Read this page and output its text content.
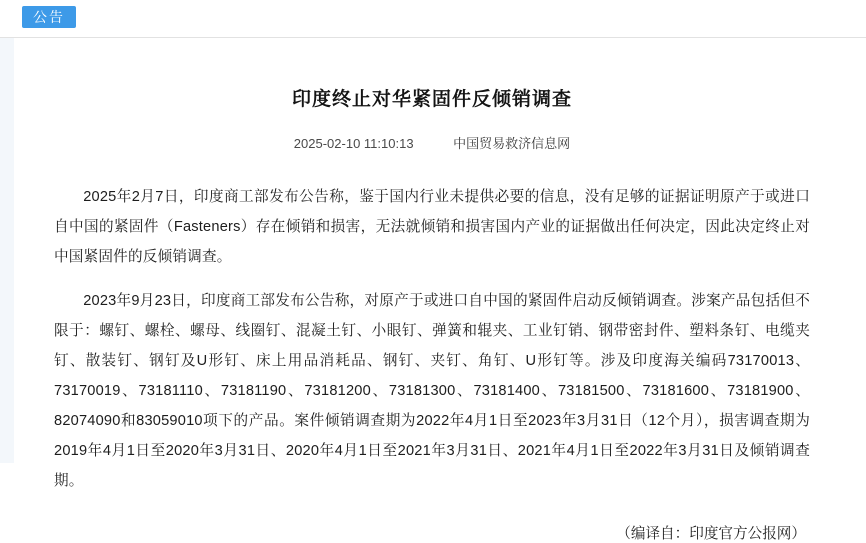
公告
印度终止对华紧固件反倾销调查
2025-02-10 11:10:13	中国贸易救济信息网

2025年2月7日，印度商工部发布公告称，鉴于国内行业未提供必要的信息，没有足够的证据证明原产于或进口自中国的紧固件（Fasteners）存在倾销和损害，无法就倾销和损害国内产业的证据做出任何决定，因此决定终止对中国紧固件的反倾销调查。

2023年9月23日，印度商工部发布公告称，对原产于或进口自中国的紧固件启动反倾销调查。涉案产品包括但不限于：螺钉、螺栓、螺母、线圈钉、混凝土钉、小眼钉、弹簧和辊夹、工业钉销、钢带密封件、塑料条钉、电缆夹钉、散装钉、钢钉及U形钉、床上用品消耗品、钢钉、夹钉、角钉、U形钉等。涉及印度海关编码73170013、73170019、73181110、73181190、73181200、73181300、73181400、73181500、73181600、73181900、82074090和83059010项下的产品。案件倾销调查期为2022年4月1日至2023年3月31日（12个月），损害调查期为2019年4月1日至2020年3月31日、2020年4月1日至2021年3月31日、2021年4月1日至2022年3月31日及倾销调查期。

（编译自：印度官方公报网）
